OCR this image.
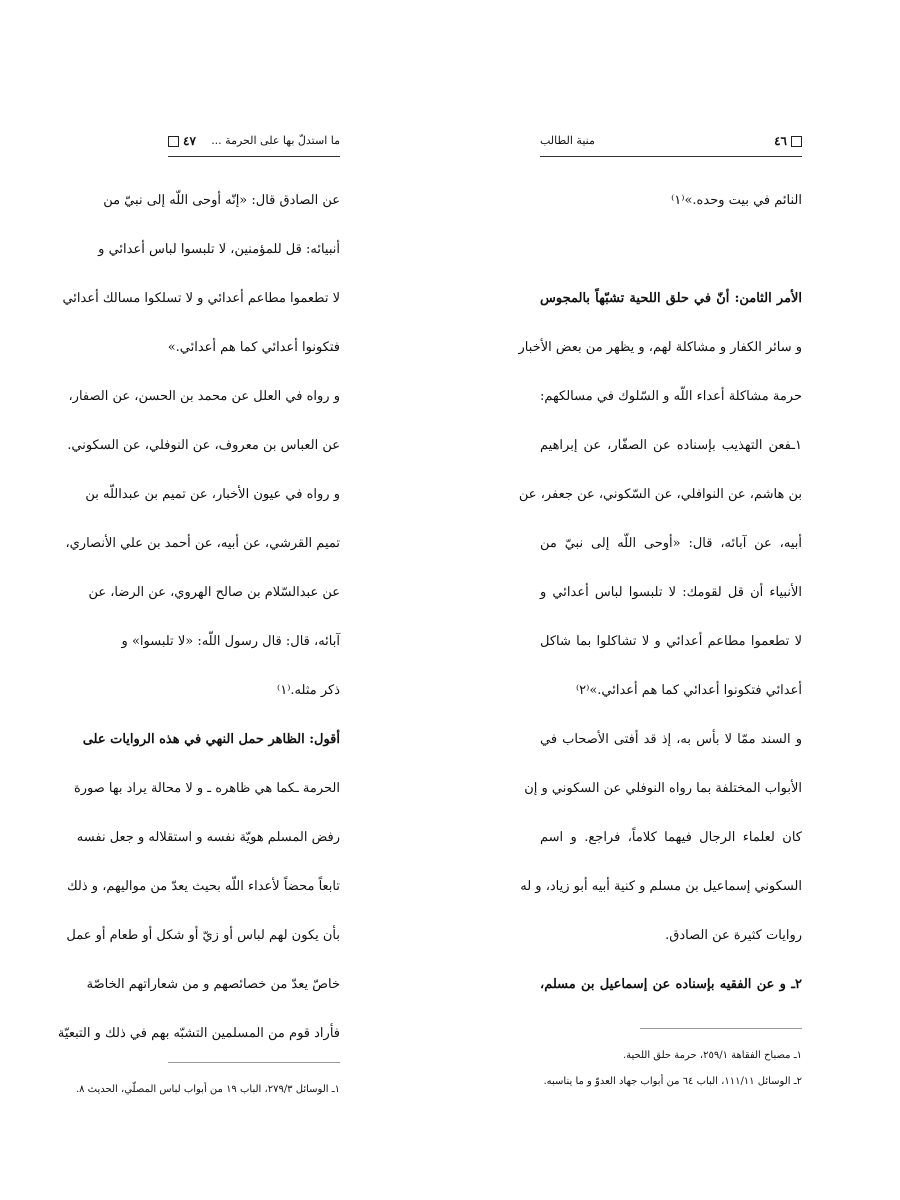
٤٦
منية الطالب
النائم في بيت وحده.»⁽١⁾
الأمر الثامن: أنّ في حلق اللحية تشبّهاً بالمجوس
و سائر الكفار و مشاكلة لهم، و يظهر من بعض الأخبار
حرمة مشاكلة أعداء اللّه و السّلوك في مسالكهم:
١ـفعن التهذيب بإسناده عن الصفّار، عن إبراهيم
بن هاشم، عن النوافلي، عن السّكوني، عن جعفر، عن
أبيه، عن آبائه، قال: «أوحى اللّه إلى نبيّ من
الأنبياء أن قل لقومك: لا تلبسوا لباس أعدائي و
لا تطعموا مطاعم أعدائي و لا تشاكلوا بما شاكل
أعدائي فتكونوا أعدائي كما هم أعدائي.»⁽٢⁾
و السند ممّا لا بأس به، إذ قد أفتى الأصحاب في
الأبواب المختلفة بما رواه النوفلي عن السكوني و إن
كان لعلماء الرجال فيهما كلاماً، فراجع. و اسم
السكوني إسماعيل بن مسلم و كنية أبيه أبو زياد، و له
روايات كثيرة عن الصادق.
٢ـ و عن الفقيه بإسناده عن إسماعيل بن مسلم،
١ـ مصباح الفقاهة ٢٥٩/١، حرمة حلق اللحية.
٢ـ الوسائل ١١١/١١، الباب ٦٤ من أبواب جهاد العدوّ و ما يناسبه.
ما استدلّ بها على الحرمة ...
٤٧
عن الصادق قال: «إنّه أوحى اللّه إلى نبيّ من
أنبيائه: قل للمؤمنين، لا تلبسوا لباس أعدائي و
لا تطعموا مطاعم أعدائي و لا تسلكوا مسالك أعدائي
فتكونوا أعدائي كما هم أعدائي.»
و رواه في العلل عن محمد بن الحسن، عن الصفار،
عن العباس بن معروف، عن النوفلي، عن السكوني.
و رواه في عيون الأخبار، عن تميم بن عبداللّه بن
تميم القرشي، عن أبيه، عن أحمد بن علي الأنصاري،
عن عبدالسّلام بن صالح الهروي، عن الرضا، عن
آبائه، قال: قال رسول اللّه: «لا تلبسوا» و
ذكر مثله.⁽١⁾
أقول: الظاهر حمل النهي في هذه الروايات على
الحرمة ـكما هي ظاهره ـ و لا محالة يراد بها صورة
رفض المسلم هويّة نفسه و استقلاله و جعل نفسه
تابعاً محضاً لأعداء اللّه بحيث يعدّ من مواليهم، و ذلك
بأن يكون لهم لباس أو زيّ أو شكل أو طعام أو عمل
خاصّ يعدّ من خصائصهم و من شعاراتهم الخاصّة
فأراد قوم من المسلمين التشبّه بهم في ذلك و التبعيّة
١ـ الوسائل ٢٧٩/٣، الباب ١٩ من أبواب لباس المصلّي، الحديث ٨.
